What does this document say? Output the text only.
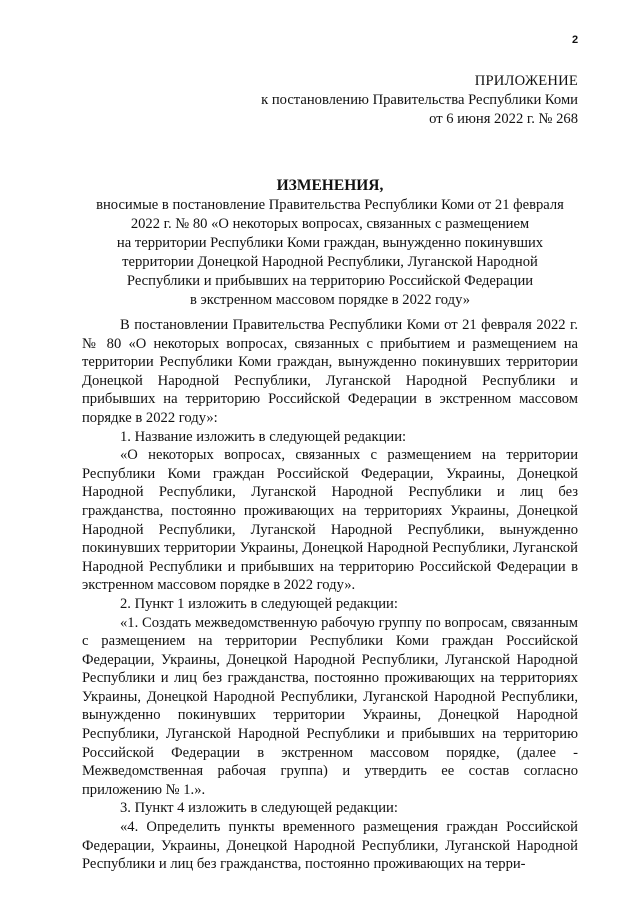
2
ПРИЛОЖЕНИЕ
к постановлению Правительства Республики Коми
от 6 июня 2022 г. № 268
ИЗМЕНЕНИЯ,
вносимые в постановление Правительства Республики Коми от 21 февраля
2022 г. № 80 «О некоторых вопросах, связанных с размещением
на территории Республики Коми граждан, вынужденно покинувших
территории Донецкой Народной Республики, Луганской Народной
Республики и прибывших на территорию Российской Федерации
в экстренном массовом порядке в 2022 году»

В постановлении Правительства Республики Коми от 21 февраля 2022 г. № 80 «О некоторых вопросах, связанных с прибытием и размещением на территории Республики Коми граждан, вынужденно покинувших территории Донецкой Народной Республики, Луганской Народной Республики и прибывших на территорию Российской Федерации в экстренном массовом порядке в 2022 году»:

1. Название изложить в следующей редакции:

«О некоторых вопросах, связанных с размещением на территории Республики Коми граждан Российской Федерации, Украины, Донецкой Народной Республики, Луганской Народной Республики и лиц без гражданства, постоянно проживающих на территориях Украины, Донецкой Народной Республики, Луганской Народной Республики, вынужденно покинувших территории Украины, Донецкой Народной Республики, Луганской Народной Республики и прибывших на территорию Российской Федерации в экстренном массовом порядке в 2022 году».

2. Пункт 1 изложить в следующей редакции:

«1. Создать межведомственную рабочую группу по вопросам, связанным с размещением на территории Республики Коми граждан Российской Федерации, Украины, Донецкой Народной Республики, Луганской Народной Республики и лиц без гражданства, постоянно проживающих на территориях Украины, Донецкой Народной Республики, Луганской Народной Республики, вынужденно покинувших территории Украины, Донецкой Народной Республики, Луганской Народной Республики и прибывших на территорию Российской Федерации в экстренном массовом порядке, (далее - Межведомственная рабочая группа) и утвердить ее состав согласно приложению № 1.».

3. Пункт 4 изложить в следующей редакции:

«4. Определить пункты временного размещения граждан Российской Федерации, Украины, Донецкой Народной Республики, Луганской Народной Республики и лиц без гражданства, постоянно проживающих на терри-
